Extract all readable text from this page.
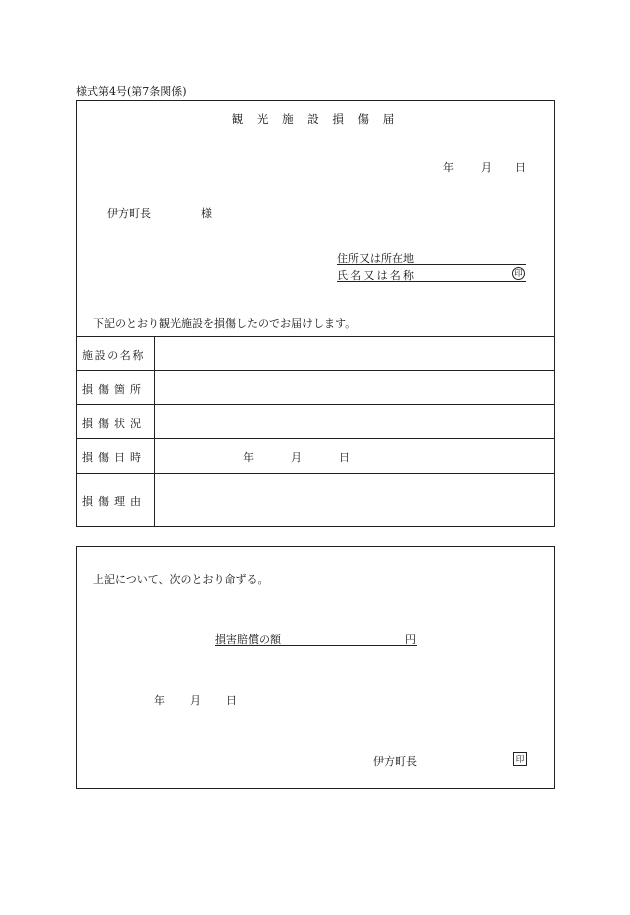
様式第4号(第7条関係)
観 光 施 設 損 傷 届
年 月 日
伊方町長	様
住所又は所在地
氏名又は名称	印
下記のとおり観光施設を損傷したのでお届けします。
施設の名称
損傷箇所
損傷状況
損傷日時	年	月	日
損傷理由
上記について、次のとおり命ずる。
損害賠償の額	円
年 月 日
伊方町長	印
